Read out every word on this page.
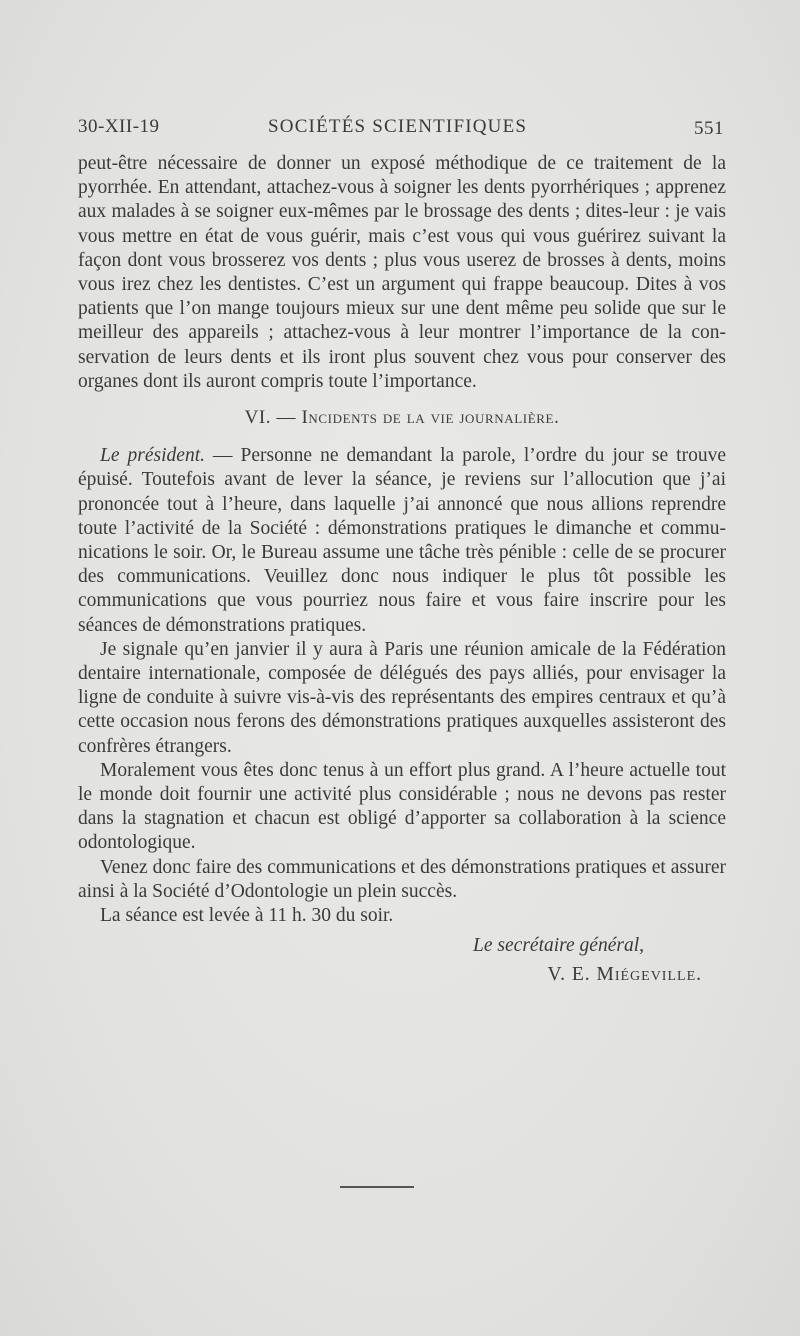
30-XII-19	SOCIÉTÉS SCIENTIFIQUES	551

peut-être nécessaire de donner un exposé méthodique de ce traitement de la pyorrhée. En attendant, attachez-vous à soigner les dents pyorrhériques ; apprenez aux malades à se soigner eux-mêmes par le brossage des dents ; dites-leur : je vais vous mettre en état de vous guérir, mais c’est vous qui vous guérirez suivant la façon dont vous brosserez vos dents ; plus vous userez de brosses à dents, moins vous irez chez les dentistes. C’est un argument qui frappe beaucoup. Dites à vos patients que l’on mange toujours mieux sur une dent même peu solide que sur le meilleur des appareils ; attachez-vous à leur montrer l’importance de la conservation de leurs dents et ils iront plus souvent chez vous pour conserver des organes dont ils auront compris toute l’importance.

VI. — Incidents de la vie journalière.

Le président. — Personne ne demandant la parole, l’ordre du jour se trouve épuisé. Toutefois avant de lever la séance, je reviens sur l’allocution que j’ai prononcée tout à l’heure, dans laquelle j’ai annoncé que nous allions reprendre toute l’activité de la Société : démonstrations pratiques le dimanche et communications le soir. Or, le Bureau assume une tâche très pénible : celle de se procurer des communications. Veuillez donc nous indiquer le plus tôt possible les communications que vous pourriez nous faire et vous faire inscrire pour les séances de démonstrations pratiques.

Je signale qu’en janvier il y aura à Paris une réunion amicale de la Fédération dentaire internationale, composée de délégués des pays alliés, pour envisager la ligne de conduite à suivre vis-à-vis des représentants des empires centraux et qu’à cette occasion nous ferons des démonstrations pratiques auxquelles assisteront des confrères étrangers.

Moralement vous êtes donc tenus à un effort plus grand. A l’heure actuelle tout le monde doit fournir une activité plus considérable ; nous ne devons pas rester dans la stagnation et chacun est obligé d’apporter sa collaboration à la science odontologique.

Venez donc faire des communications et des démonstrations pratiques et assurer ainsi à la Société d’Odontologie un plein succès.

La séance est levée à 11 h. 30 du soir.

Le secrétaire général,

V. E. Miégeville.
